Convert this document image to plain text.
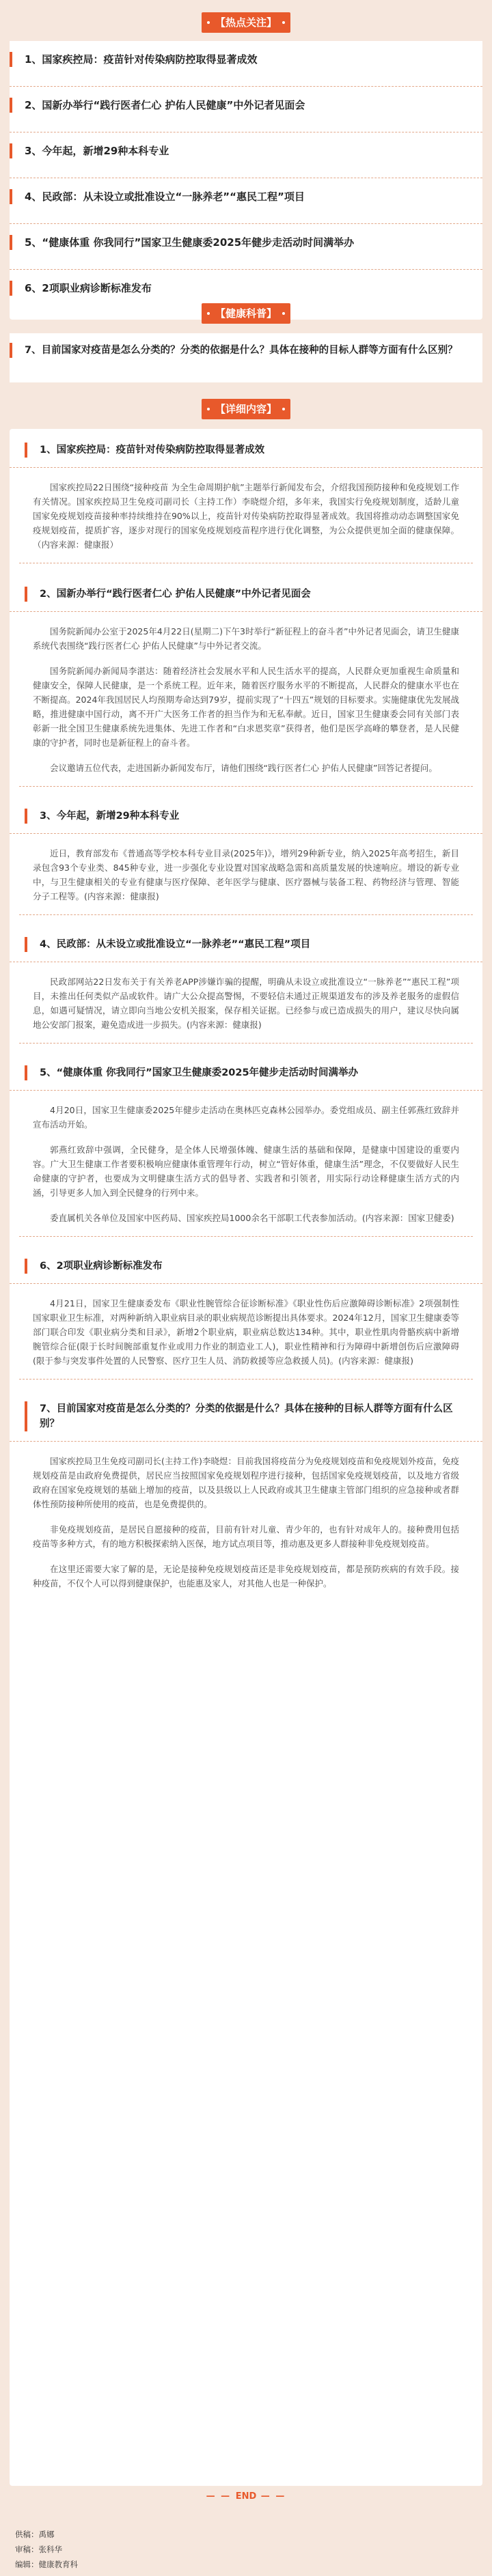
【热点关注】
1、国家疾控局：疫苗针对传染病防控取得显著成效
2、国新办举行“践行医者仁心 护佑人民健康”中外记者见面会
3、今年起，新增29种本科专业
4、民政部：从未设立或批准设立“一脉养老”“惠民工程”项目
5、“健康体重 你我同行”国家卫生健康委2025年健步走活动时间满举办
6、2项职业病诊断标准发布
【健康科普】
7、目前国家对疫苗是怎么分类的？分类的依据是什么？具体在接种的目标人群等方面有什么区别？
【详细内容】
1、国家疾控局：疫苗针对传染病防控取得显著成效

国家疾控局22日围绕“接种疫苗 为全生命周期护航”主题举行新闻发布会，介绍我国预防接种和免疫规划工作有关情况。国家疾控局卫生免疫司副司长（主持工作）李晓煜介绍，多年来，我国实行免疫规划制度，适龄儿童国家免疫规划疫苗接种率持续维持在90%以上，疫苗针对传染病防控取得显著成效。我国将推动动态调整国家免疫规划疫苗，提质扩容，逐步对现行的国家免疫规划疫苗程序进行优化调整，为公众提供更加全面的健康保障。（内容来源：健康报）

2、国新办举行“践行医者仁心 护佑人民健康”中外记者见面会

国务院新闻办公室于2025年4月22日(星期二)下午3时举行“新征程上的奋斗者”中外记者见面会，请卫生健康系统代表围绕“践行医者仁心 护佑人民健康”与中外记者交流。

国务院新闻办新闻局李湛达：随着经济社会发展水平和人民生活水平的提高，人民群众更加重视生命质量和健康安全，保障人民健康，是一个系统工程。近年来，随着医疗服务水平的不断提高，人民群众的健康水平也在不断提高。2024年我国居民人均预期寿命达到79岁，提前实现了“十四五”规划的目标要求。实施健康优先发展战略，推进健康中国行动，离不开广大医务工作者的担当作为和无私奉献。近日，国家卫生健康委会同有关部门表彰新一批全国卫生健康系统先进集体、先进工作者和“白求恩奖章”获得者，他们是医学高峰的攀登者，是人民健康的守护者，同时也是新征程上的奋斗者。

会议邀请五位代表，走进国新办新闻发布厅，请他们围绕“践行医者仁心 护佑人民健康”回答记者提问。

3、今年起，新增29种本科专业

近日，教育部发布《普通高等学校本科专业目录(2025年)》，增列29种新专业，纳入2025年高考招生，新目录包含93个专业类、845种专业，进一步强化专业设置对国家战略急需和高质量发展的快速响应。增设的新专业中，与卫生健康相关的专业有健康与医疗保障、老年医学与健康、医疗器械与装备工程、药物经济与管理、智能分子工程等。(内容来源：健康报)

4、民政部：从未设立或批准设立“一脉养老”“惠民工程”项目

民政部网站22日发布关于有关养老APP涉嫌诈骗的提醒，明确从未设立或批准设立“一脉养老”“惠民工程”项目，未推出任何类似产品或软件。请广大公众提高警惕，不要轻信未通过正规渠道发布的涉及养老服务的虚假信息，如遇可疑情况，请立即向当地公安机关报案，保存相关证据。已经参与或已造成损失的用户，建议尽快向属地公安部门报案，避免造成进一步损失。(内容来源：健康报)

5、“健康体重 你我同行”国家卫生健康委2025年健步走活动时间满举办

4月20日，国家卫生健康委2025年健步走活动在奥林匹克森林公园举办。委党组成员、副主任郭燕红致辞并宣布活动开始。

郭燕红致辞中强调，全民健身，是全体人民增强体魄、健康生活的基础和保障，是健康中国建设的重要内容。广大卫生健康工作者要积极响应健康体重管理年行动，树立“管好体重，健康生活”理念，不仅要做好人民生命健康的守护者，也要成为文明健康生活方式的倡导者、实践者和引领者，用实际行动诠释健康生活方式的内涵，引导更多人加入到全民健身的行列中来。

委直属机关各单位及国家中医药局、国家疾控局1000余名干部职工代表参加活动。(内容来源：国家卫健委)

6、2项职业病诊断标准发布

4月21日，国家卫生健康委发布《职业性腕管综合征诊断标准》《职业性伤后应激障碍诊断标准》2项强制性国家职业卫生标准，对两种新纳入职业病目录的职业病规范诊断提出具体要求。2024年12月，国家卫生健康委等部门联合印发《职业病分类和目录》，新增2个职业病，职业病总数达134种。其中，职业性肌肉骨骼疾病中新增腕管综合征(限于长时间腕部重复作业或用力作业的制造业工人)，职业性精神和行为障碍中新增创伤后应激障碍(限于参与突发事件处置的人民警察、医疗卫生人员、消防救援等应急救援人员)。(内容来源：健康报)

7、目前国家对疫苗是怎么分类的？分类的依据是什么？具体在接种的目标人群等方面有什么区别？

国家疾控局卫生免疫司副司长(主持工作)李晓煜：目前我国将疫苗分为免疫规划疫苗和免疫规划外疫苗，免疫规划疫苗是由政府免费提供，居民应当按照国家免疫规划程序进行接种，包括国家免疫规划疫苗，以及地方省级政府在国家免疫规划的基础上增加的疫苗，以及县级以上人民政府或其卫生健康主管部门组织的应急接种或者群体性预防接种所使用的疫苗，也是免费提供的。

非免疫规划疫苗，是居民自愿接种的疫苗，目前有针对儿童、青少年的，也有针对成年人的。接种费用包括疫苗等多种方式，有的地方积极探索纳入医保，地方试点项目等，推动惠及更多人群接种非免疫规划疫苗。

在这里还需要大家了解的是，无论是接种免疫规划疫苗还是非免疫规划疫苗，都是预防疾病的有效手段。接种疫苗，不仅个人可以得到健康保护，也能惠及家人，对其他人也是一种保护。

— — END — —
供稿：禹娜
审稿：张科华
编辑：健康教育科
